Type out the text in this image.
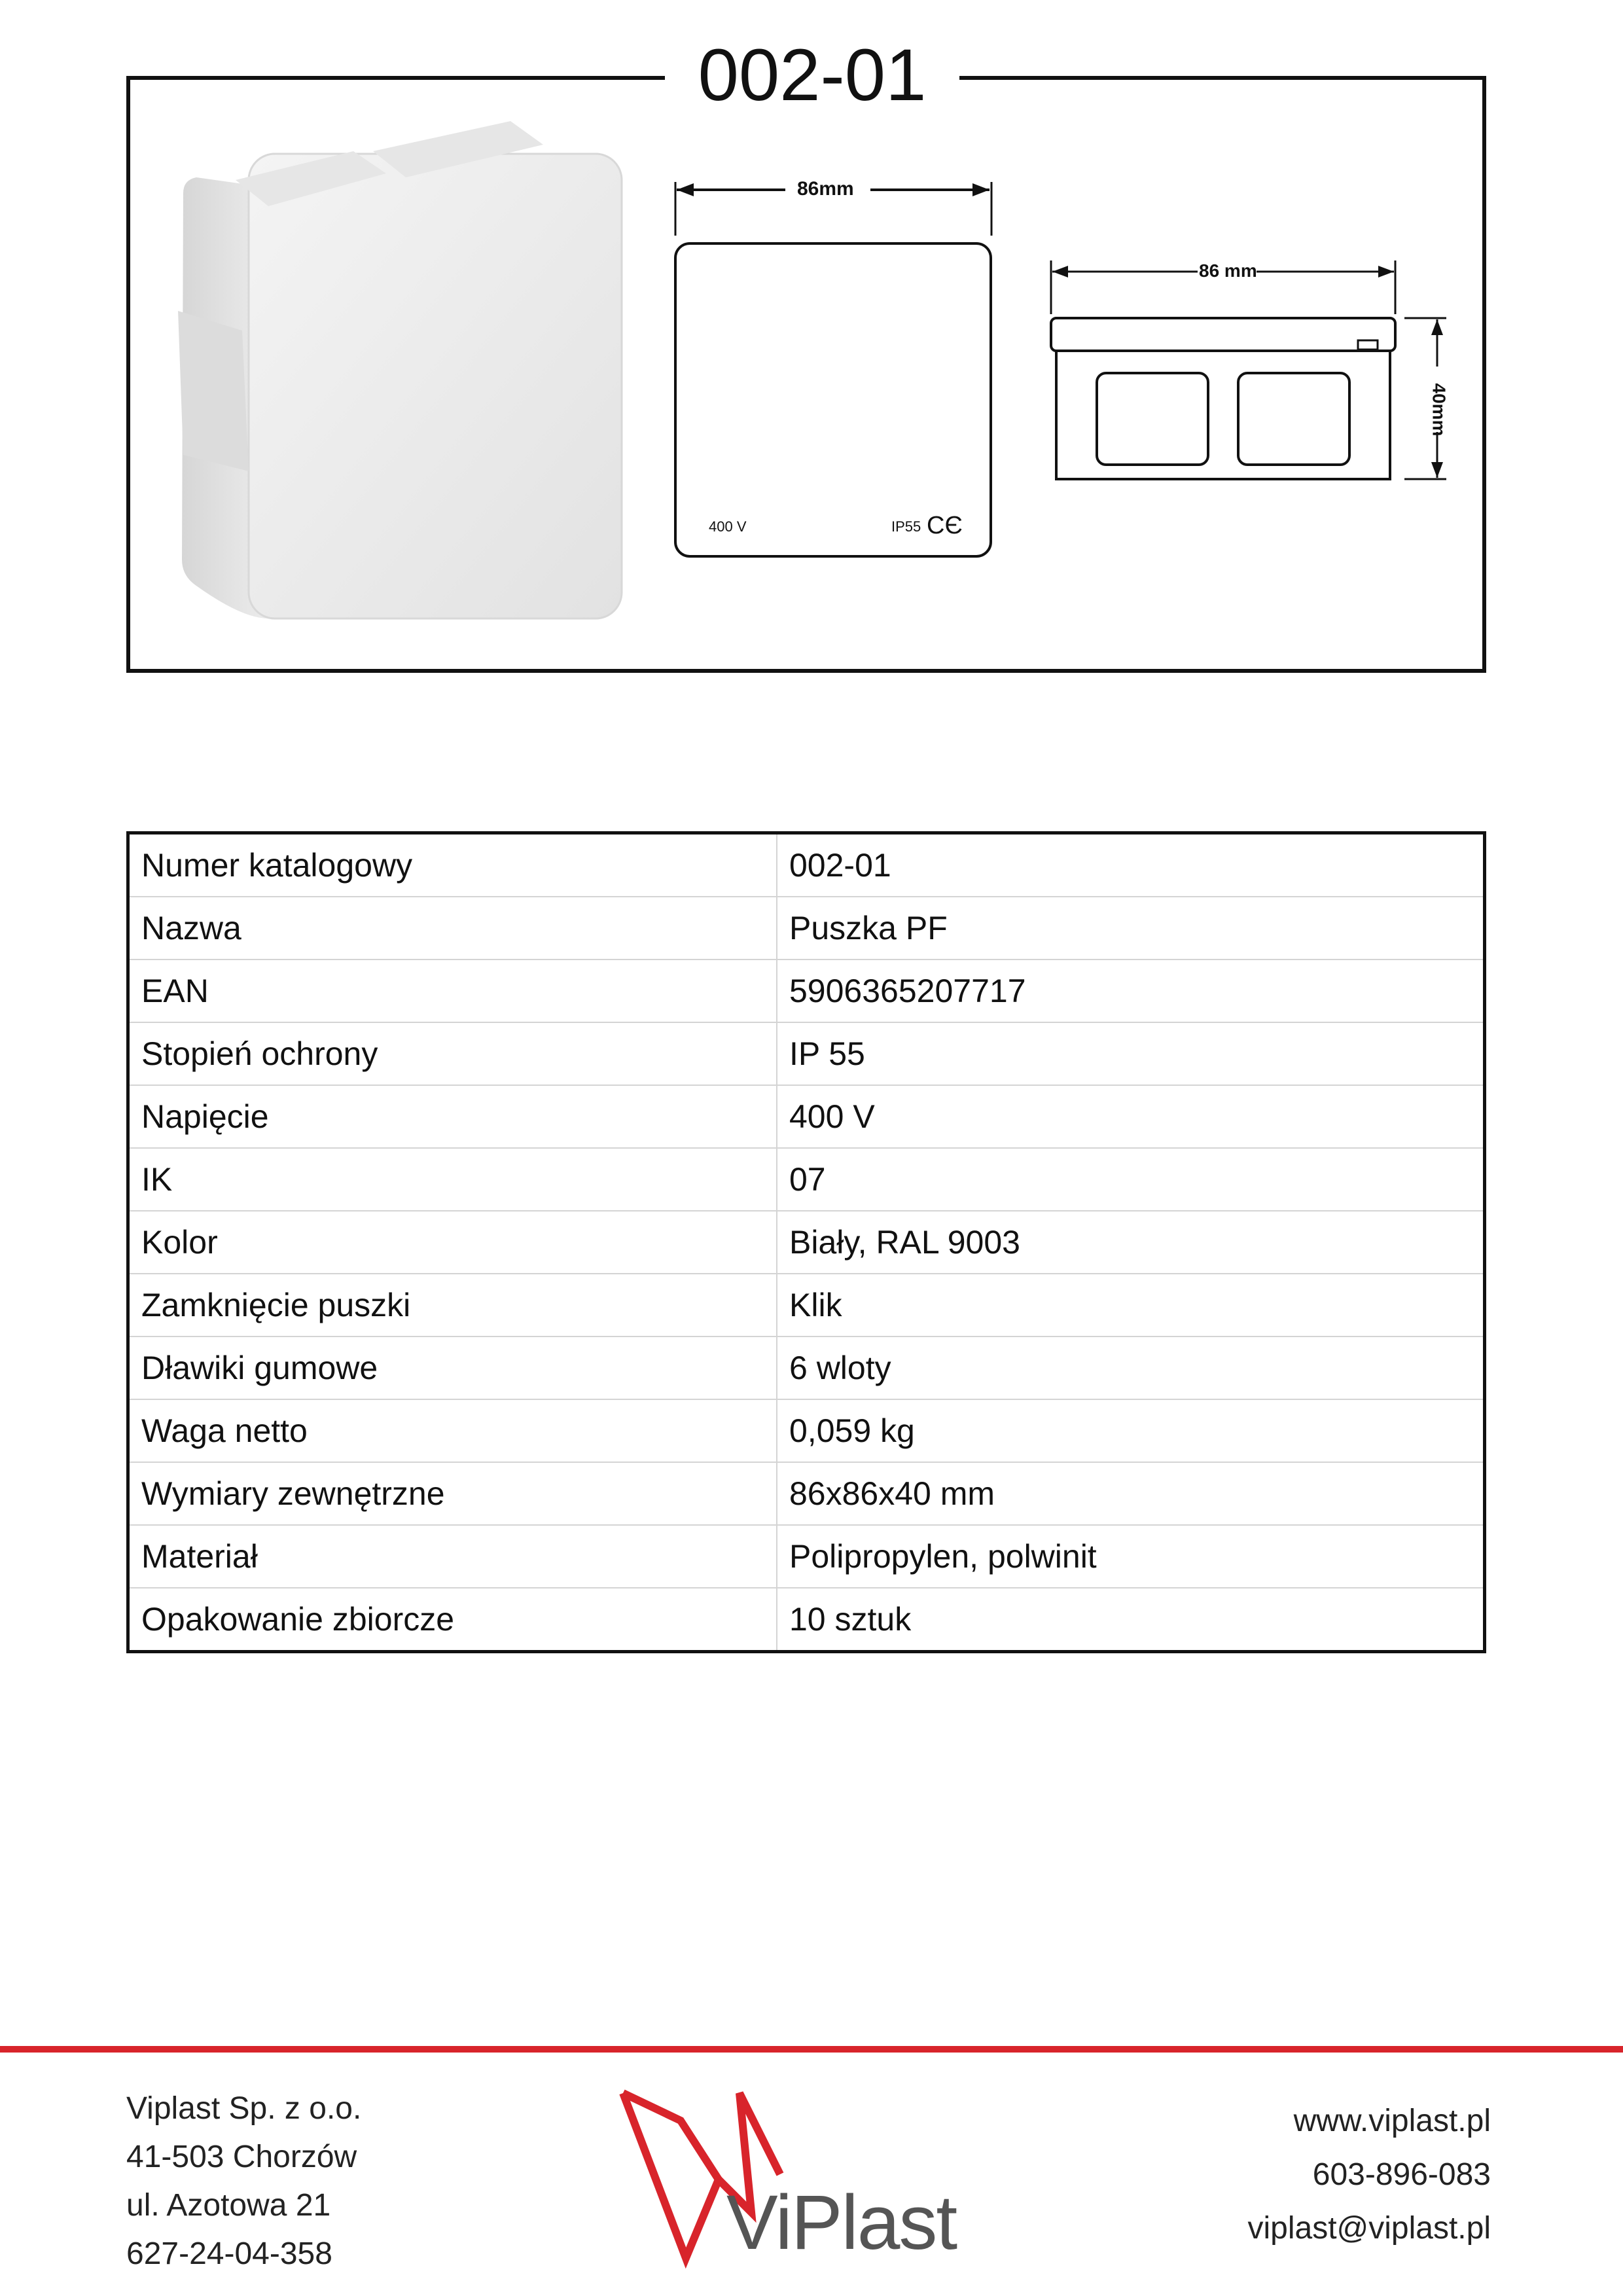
002-01
86mm
400 V	IP55 CЄ
86 mm
40mm
Numer katalogowy	002-01
Nazwa	Puszka PF
EAN	5906365207717
Stopień ochrony	IP 55
Napięcie	400 V
IK	07
Kolor	Biały, RAL 9003
Zamknięcie puszki	Klik
Dławiki gumowe	6 wloty
Waga netto	0,059 kg
Wymiary zewnętrzne	86x86x40 mm
Materiał	Polipropylen, polwinit
Opakowanie zbiorcze	10 sztuk
Viplast Sp. z o.o.
41-503 Chorzów
ul. Azotowa 21
627-24-04-358	ViPlast
www.viplast.pl
603-896-083
viplast@viplast.pl
